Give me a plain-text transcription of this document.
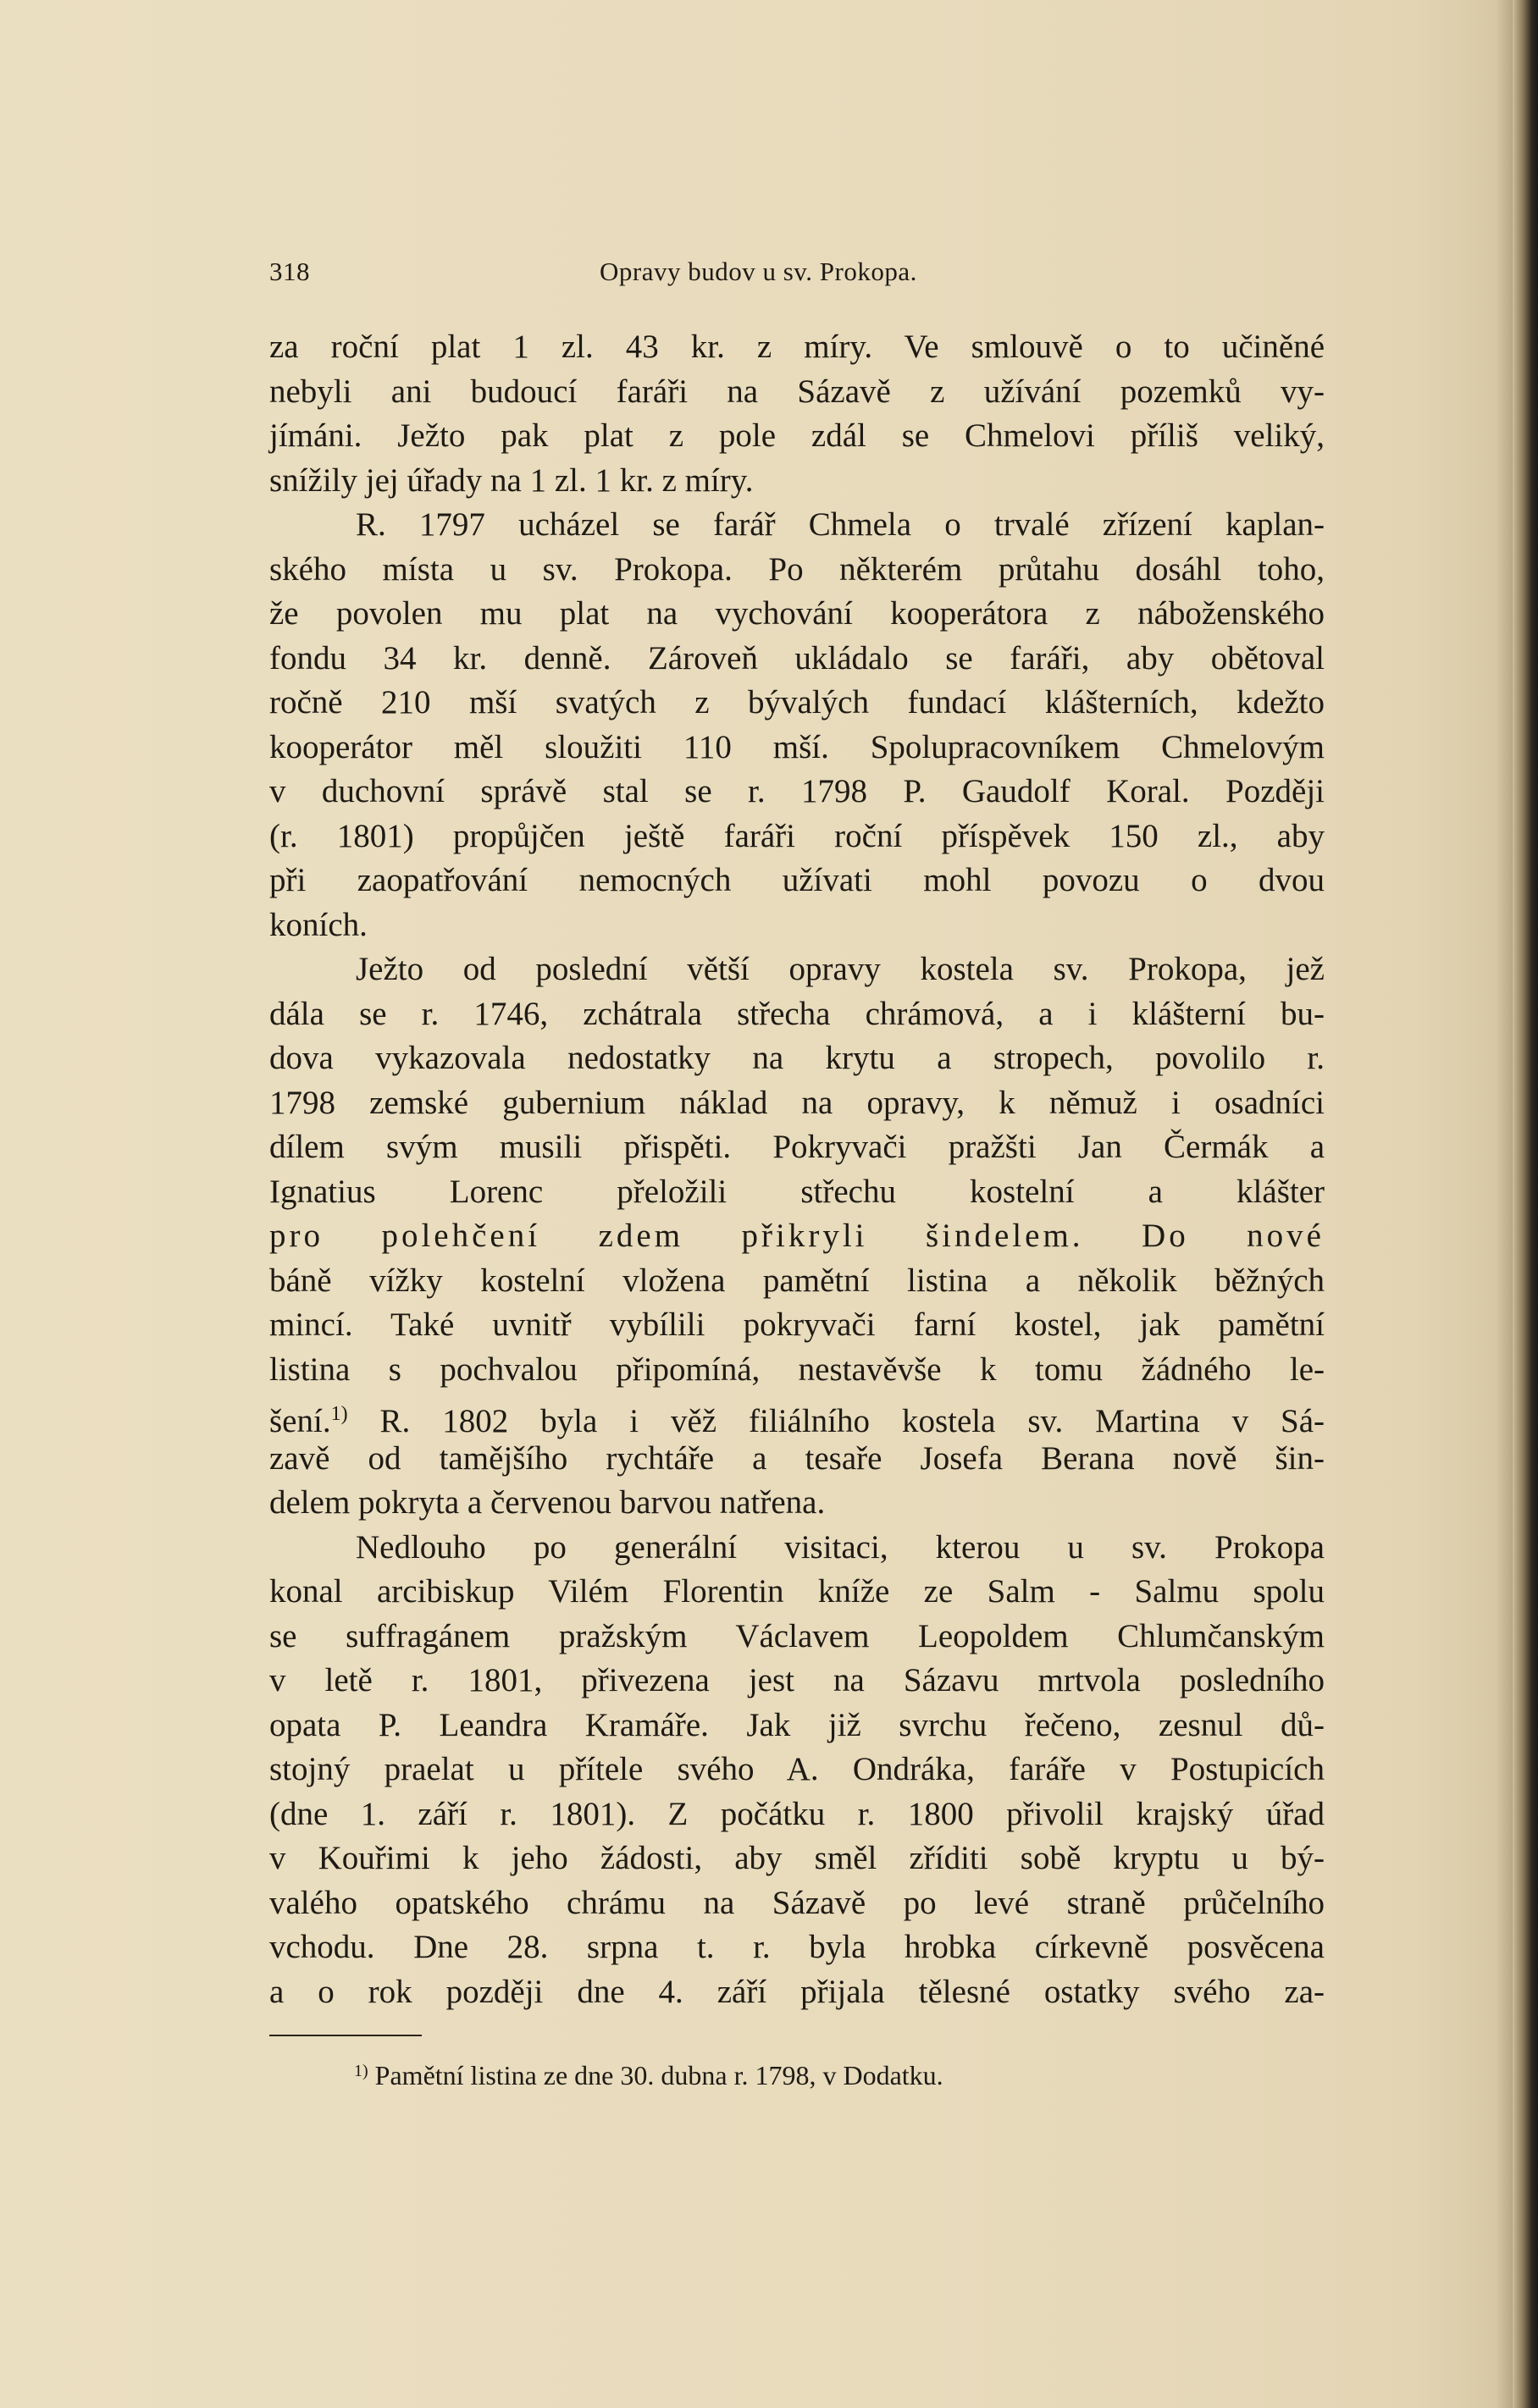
318	Opravy budov u sv. Prokopa.
za roční plat 1 zl. 43 kr. z míry. Ve smlouvě o to učiněné
nebyli ani budoucí faráři na Sázavě z užívání pozemků vy-
jímáni. Ježto pak plat z pole zdál se Chmelovi příliš veliký,
snížily jej úřady na 1 zl. 1 kr. z míry.
R. 1797 ucházel se farář Chmela o trvalé zřízení kaplan-
ského místa u sv. Prokopa. Po některém průtahu dosáhl toho,
že povolen mu plat na vychování kooperátora z náboženského
fondu 34 kr. denně. Zároveň ukládalo se faráři, aby obětoval
ročně 210 mší svatých z bývalých fundací klášterních, kdežto
kooperátor měl sloužiti 110 mší. Spolupracovníkem Chmelovým
v duchovní správě stal se r. 1798 P. Gaudolf Koral. Později
(r. 1801) propůjčen ještě faráři roční příspěvek 150 zl., aby
při zaopatřování nemocných užívati mohl povozu o dvou
koních.
Ježto od poslední větší opravy kostela sv. Prokopa, jež
dála se r. 1746, zchátrala střecha chrámová, a i klášterní bu-
dova vykazovala nedostatky na krytu a stropech, povolilo r.
1798 zemské gubernium náklad na opravy, k němuž i osadníci
dílem svým musili přispěti. Pokryvači pražšti Jan Čermák a
Ignatius Lorenc přeložili střechu kostelní a klášter
pro polehčení zdem přikryli šindelem. Do nové
báně vížky kostelní vložena pamětní listina a několik běžných
mincí. Také uvnitř vybílili pokryvači farní kostel, jak pamětní
listina s pochvalou připomíná, nestavěvše k tomu žádného le-
šení.$^{1)}$ R. 1802 byla i věž filiálního kostela sv. Martina v Sá-
zavě od tamějšího rychtáře a tesaře Josefa Berana nově šin-
delem pokryta a červenou barvou natřena.
Nedlouho po generální visitaci, kterou u sv. Prokopa
konal arcibiskup Vilém Florentin kníže ze Salm - Salmu spolu
se suffragánem pražským Václavem Leopoldem Chlumčanským
v letě r. 1801, přivezena jest na Sázavu mrtvola posledního
opata P. Leandra Kramáře. Jak již svrchu řečeno, zesnul dů-
stojný praelat u přítele svého A. Ondráka, faráře v Postupicích
(dne 1. září r. 1801). Z počátku r. 1800 přivolil krajský úřad
v Kouřimi k jeho žádosti, aby směl zříditi sobě kryptu u bý-
valého opatského chrámu na Sázavě po levé straně průčelního
vchodu. Dne 28. srpna t. r. byla hrobka církevně posvěcena
a o rok později dne 4. září přijala tělesné ostatky svého za-
$^{1)}$ Pamětní listina ze dne 30. dubna r. 1798, v Dodatku.
